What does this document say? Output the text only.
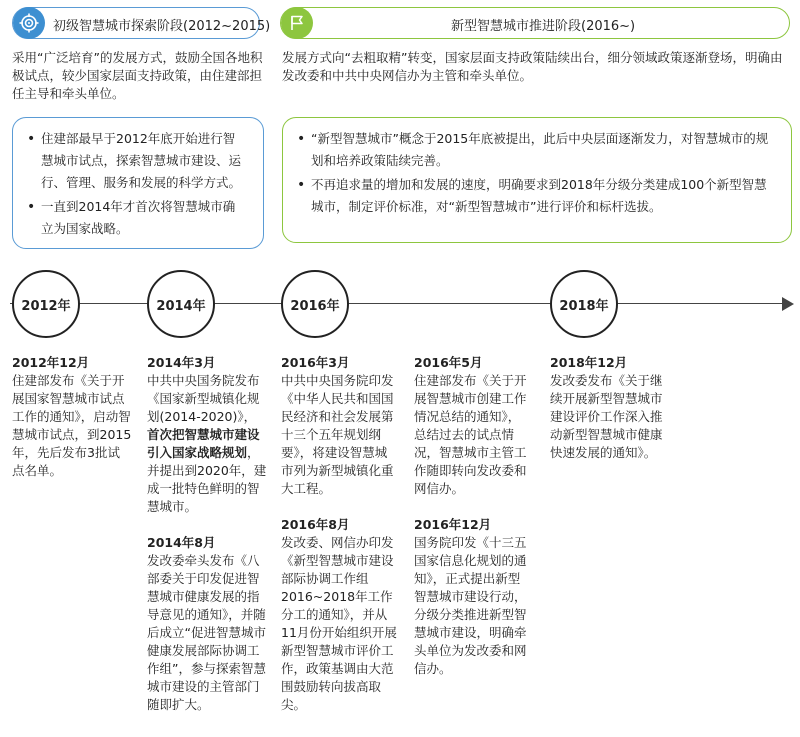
初级智慧城市探索阶段(2012~2015)	新型智慧城市推进阶段(2016~)
采用“广泛培育”的发展方式，鼓励全国各地积极试点，较少国家层面支持政策，由住建部担任主导和牵头单位。
发展方式向“去粗取精”转变，国家层面支持政策陆续出台，细分领域政策逐渐登场，明确由发改委和中共中央网信办为主管和牵头单位。
• 住建部最早于2012年底开始进行智慧城市试点，探索智慧城市建设、运行、管理、服务和发展的科学方式。
• 一直到2014年才首次将智慧城市确立为国家战略。
• “新型智慧城市”概念于2015年底被提出，此后中央层面逐渐发力，对智慧城市的规划和培养政策陆续完善。
• 不再追求量的增加和发展的速度，明确要求到2018年分级分类建成100个新型智慧城市，制定评价标准，对“新型智慧城市”进行评价和标杆选拔。
2012年	2014年	2016年	2018年
2012年12月
住建部发布《关于开展国家智慧城市试点工作的通知》，启动智慧城市试点，到2015年，先后发布3批试点名单。
2014年3月
中共中央国务院发布《国家新型城镇化规划(2014-2020)》，首次把智慧城市建设引入国家战略规划，并提出到2020年，建成一批特色鲜明的智慧城市。
2014年8月
发改委牵头发布《八部委关于印发促进智慧城市健康发展的指导意见的通知》，并随后成立“促进智慧城市健康发展部际协调工作组”，参与探索智慧城市建设的主管部门随即扩大。
2016年3月
中共中央国务院印发《中华人民共和国国民经济和社会发展第十三个五年规划纲要》，将建设智慧城市列为新型城镇化重大工程。
2016年8月
发改委、网信办印发《新型智慧城市建设部际协调工作组2016~2018年工作分工的通知》，并从11月份开始组织开展新型智慧城市评价工作，政策基调由大范围鼓励转向拔高取尖。
2016年5月
住建部发布《关于开展智慧城市创建工作情况总结的通知》，总结过去的试点情况，智慧城市主管工作随即转向发改委和网信办。
2016年12月
国务院印发《十三五国家信息化规划的通知》，正式提出新型智慧城市建设行动，分级分类推进新型智慧城市建设，明确牵头单位为发改委和网信办。
2018年12月
发改委发布《关于继续开展新型智慧城市建设评价工作深入推动新型智慧城市健康快速发展的通知》。
